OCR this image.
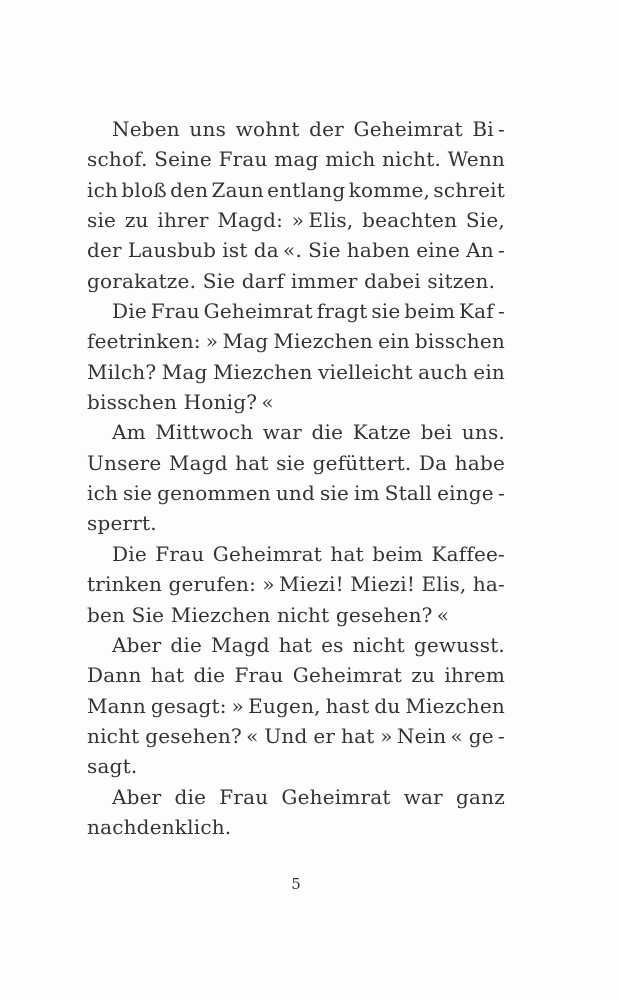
Neben uns wohnt der Geheimrat Bi -
schof. Seine Frau mag mich nicht. Wenn
ich bloß den Zaun entlang komme, schreit
sie zu ihrer Magd: » Elis, beachten Sie,
der Lausbub ist da «. Sie haben eine An -
gorakatze. Sie darf immer dabei sitzen.
Die Frau Geheimrat fragt sie beim Kaf -
feetrinken: » Mag Miezchen ein bisschen
Milch? Mag Miezchen vielleicht auch ein
bisschen Honig? «
Am Mittwoch war die Katze bei uns.
Unsere Magd hat sie gefüttert. Da habe
ich sie genommen und sie im Stall einge -
sperrt.
Die Frau Geheimrat hat beim Kaffee-
trinken gerufen: » Miezi! Miezi! Elis, ha-
ben Sie Miezchen nicht gesehen? «
Aber die Magd hat es nicht gewusst.
Dann hat die Frau Geheimrat zu ihrem
Mann gesagt: » Eugen, hast du Miezchen
nicht gesehen? « Und er hat » Nein « ge -
sagt.
Aber die Frau Geheimrat war ganz
nachdenklich.
5
